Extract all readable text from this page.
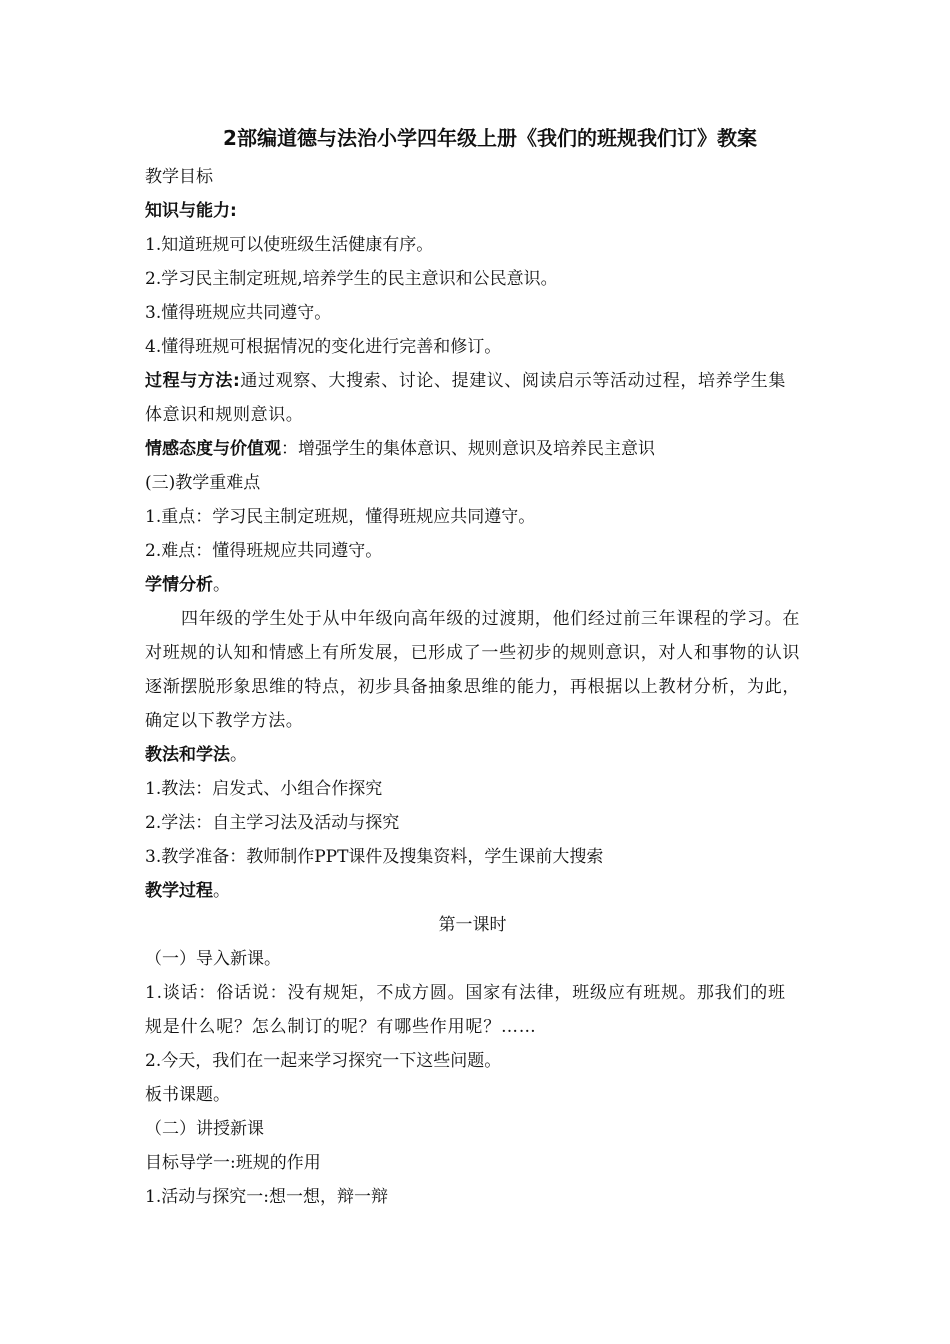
2部编道德与法治小学四年级上册《我们的班规我们订》教案
教学目标
知识与能力:
1.知道班规可以使班级生活健康有序。
2.学习民主制定班规,培养学生的民主意识和公民意识。
3.懂得班规应共同遵守。
4.懂得班规可根据情况的变化进行完善和修订。
过程与方法:通过观察、大搜索、讨论、提建议、阅读启示等活动过程，培养学生集体意识和规则意识。
情感态度与价值观：增强学生的集体意识、规则意识及培养民主意识
(三)教学重难点
1.重点：学习民主制定班规，懂得班规应共同遵守。
2.难点：懂得班规应共同遵守。
学情分析。
四年级的学生处于从中年级向高年级的过渡期，他们经过前三年课程的学习。在对班规的认知和情感上有所发展，已形成了一些初步的规则意识，对人和事物的认识逐渐摆脱形象思维的特点，初步具备抽象思维的能力，再根据以上教材分析，为此，确定以下教学方法。
教法和学法。
1.教法：启发式、小组合作探究
2.学法：自主学习法及活动与探究
3.教学准备：教师制作PPT课件及搜集资料，学生课前大搜索
教学过程。
第一课时
（一）导入新课。
1.谈话：俗话说：没有规矩，不成方圆。国家有法律，班级应有班规。那我们的班规是什么呢？怎么制订的呢？有哪些作用呢？……
2.今天，我们在一起来学习探究一下这些问题。
板书课题。
（二）讲授新课
目标导学一:班规的作用
1.活动与探究一:想一想，辩一辩
